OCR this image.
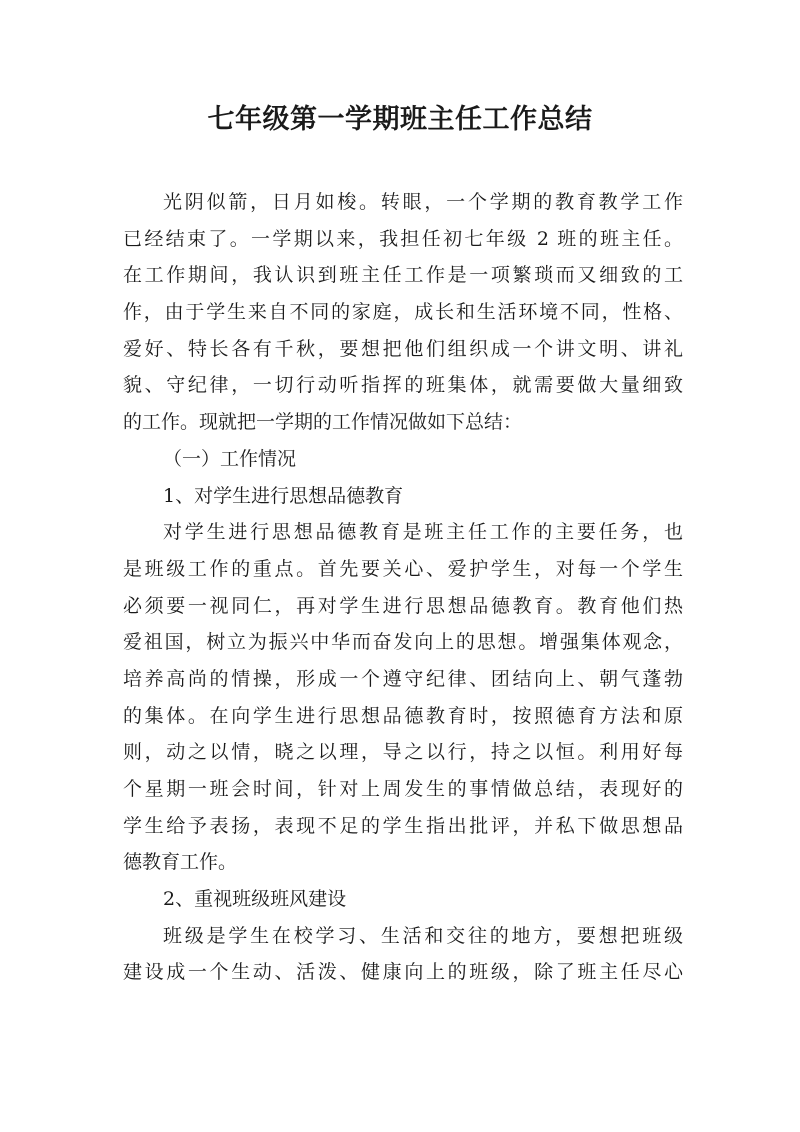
七年级第一学期班主任工作总结
光阴似箭，日月如梭。转眼，一个学期的教育教学工作
已经结束了。一学期以来，我担任初七年级 2 班的班主任。
在工作期间，我认识到班主任工作是一项繁琐而又细致的工
作，由于学生来自不同的家庭，成长和生活环境不同，性格、
爱好、特长各有千秋，要想把他们组织成一个讲文明、讲礼
貌、守纪律，一切行动听指挥的班集体，就需要做大量细致
的工作。现就把一学期的工作情况做如下总结：
（一）工作情况
1、对学生进行思想品德教育
对学生进行思想品德教育是班主任工作的主要任务，也
是班级工作的重点。首先要关心、爱护学生，对每一个学生
必须要一视同仁，再对学生进行思想品德教育。教育他们热
爱祖国，树立为振兴中华而奋发向上的思想。增强集体观念，
培养高尚的情操，形成一个遵守纪律、团结向上、朝气蓬勃
的集体。在向学生进行思想品德教育时，按照德育方法和原
则，动之以情，晓之以理，导之以行，持之以恒。利用好每
个星期一班会时间，针对上周发生的事情做总结，表现好的
学生给予表扬，表现不足的学生指出批评，并私下做思想品
德教育工作。
2、重视班级班风建设
班级是学生在校学习、生活和交往的地方，要想把班级
建设成一个生动、活泼、健康向上的班级，除了班主任尽心
